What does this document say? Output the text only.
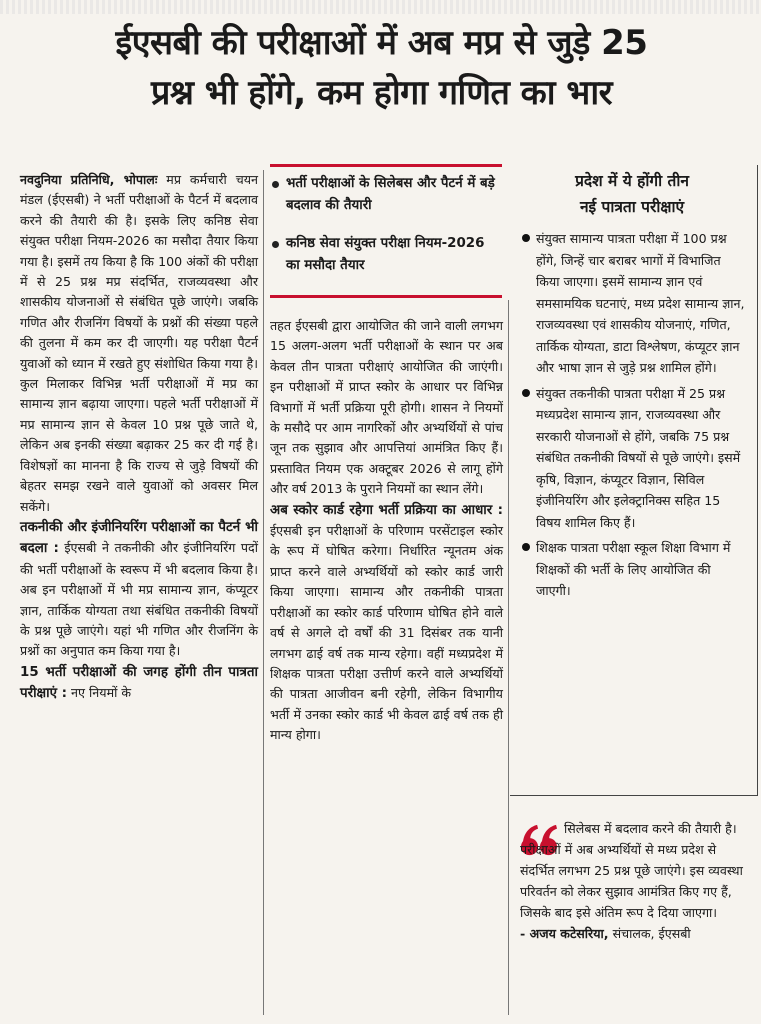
ईएसबी की परीक्षाओं में अब मप्र से जुड़े 25
प्रश्न भी होंगे, कम होगा गणित का भार

नवदुनिया प्रतिनिधि, भोपालः मप्र कर्मचारी चयन मंडल (ईएसबी) ने भर्ती परीक्षाओं के पैटर्न में बदलाव करने की तैयारी की है। इसके लिए कनिष्ठ सेवा संयुक्त परीक्षा नियम-2026 का मसौदा तैयार किया गया है। इसमें तय किया है कि 100 अंकों की परीक्षा में से 25 प्रश्न मप्र संदर्भित, राजव्यवस्था और शासकीय योजनाओं से संबंधित पूछे जाएंगे। जबकि गणित और रीजनिंग विषयों के प्रश्नों की संख्या पहले की तुलना में कम कर दी जाएगी। यह परीक्षा पैटर्न युवाओं को ध्यान में रखते हुए संशोधित किया गया है। कुल मिलाकर विभिन्न भर्ती परीक्षाओं में मप्र का सामान्य ज्ञान बढ़ाया जाएगा। पहले भर्ती परीक्षाओं में मप्र सामान्य ज्ञान से केवल 10 प्रश्न पूछे जाते थे, लेकिन अब इनकी संख्या बढ़ाकर 25 कर दी गई है। विशेषज्ञों का मानना है कि राज्य से जुड़े विषयों की बेहतर समझ रखने वाले युवाओं को अवसर मिल सकेंगे।

तकनीकी और इंजीनियरिंग परीक्षाओं का पैटर्न भी बदला : ईएसबी ने तकनीकी और इंजीनियरिंग पदों की भर्ती परीक्षाओं के स्वरूप में भी बदलाव किया है। अब इन परीक्षाओं में भी मप्र सामान्य ज्ञान, कंप्यूटर ज्ञान, तार्किक योग्यता तथा संबंधित तकनीकी विषयों के प्रश्न पूछे जाएंगे। यहां भी गणित और रीजनिंग के प्रश्नों का अनुपात कम किया गया है।

15 भर्ती परीक्षाओं की जगह होंगी तीन पात्रता परीक्षाएं : नए नियमों के

भर्ती परीक्षाओं के सिलेबस और पैटर्न में बड़े बदलाव की तैयारी
कनिष्ठ सेवा संयुक्त परीक्षा नियम-2026 का मसौदा तैयार

तहत ईएसबी द्वारा आयोजित की जाने वाली लगभग 15 अलग-अलग भर्ती परीक्षाओं के स्थान पर अब केवल तीन पात्रता परीक्षाएं आयोजित की जाएंगी। इन परीक्षाओं में प्राप्त स्कोर के आधार पर विभिन्न विभागों में भर्ती प्रक्रिया पूरी होगी। शासन ने नियमों के मसौदे पर आम नागरिकों और अभ्यर्थियों से पांच जून तक सुझाव और आपत्तियां आमंत्रित किए हैं। प्रस्तावित नियम एक अक्टूबर 2026 से लागू होंगे और वर्ष 2013 के पुराने नियमों का स्थान लेंगे।

अब स्कोर कार्ड रहेगा भर्ती प्रक्रिया का आधार : ईएसबी इन परीक्षाओं के परिणाम परसेंटाइल स्कोर के रूप में घोषित करेगा। निर्धारित न्यूनतम अंक प्राप्त करने वाले अभ्यर्थियों को स्कोर कार्ड जारी किया जाएगा। सामान्य और तकनीकी पात्रता परीक्षाओं का स्कोर कार्ड परिणाम घोषित होने वाले वर्ष से अगले दो वर्षों की 31 दिसंबर तक यानी लगभग ढाई वर्ष तक मान्य रहेगा। वहीं मध्यप्रदेश में शिक्षक पात्रता परीक्षा उत्तीर्ण करने वाले अभ्यर्थियों की पात्रता आजीवन बनी रहेगी, लेकिन विभागीय भर्ती में उनका स्कोर कार्ड भी केवल ढाई वर्ष तक ही मान्य होगा।

प्रदेश में ये होंगी तीन
नई पात्रता परीक्षाएं
संयुक्त सामान्य पात्रता परीक्षा में 100 प्रश्न होंगे, जिन्हें चार बराबर भागों में विभाजित किया जाएगा। इसमें सामान्य ज्ञान एवं समसामयिक घटनाएं, मध्य प्रदेश सामान्य ज्ञान, राजव्यवस्था एवं शासकीय योजनाएं, गणित, तार्किक योग्यता, डाटा विश्लेषण, कंप्यूटर ज्ञान और भाषा ज्ञान से जुड़े प्रश्न शामिल होंगे।
संयुक्त तकनीकी पात्रता परीक्षा में 25 प्रश्न मध्यप्रदेश सामान्य ज्ञान, राजव्यवस्था और सरकारी योजनाओं से होंगे, जबकि 75 प्रश्न संबंधित तकनीकी विषयों से पूछे जाएंगे। इसमें कृषि, विज्ञान, कंप्यूटर विज्ञान, सिविल इंजीनियरिंग और इलेक्ट्रानिक्स सहित 15 विषय शामिल किए हैं।
शिक्षक पात्रता परीक्षा स्कूल शिक्षा विभाग में शिक्षकों की भर्ती के लिए आयोजित की जाएगी।
सिलेबस में बदलाव करने की तैयारी है। परीक्षाओं में अब अभ्यर्थियों से मध्य प्रदेश से संदर्भित लगभग 25 प्रश्न पूछे जाएंगे। इस व्यवस्था परिवर्तन को लेकर सुझाव आमंत्रित किए गए हैं, जिसके बाद इसे अंतिम रूप दे दिया जाएगा।
- अजय कटेसरिया, संचालक, ईएसबी
